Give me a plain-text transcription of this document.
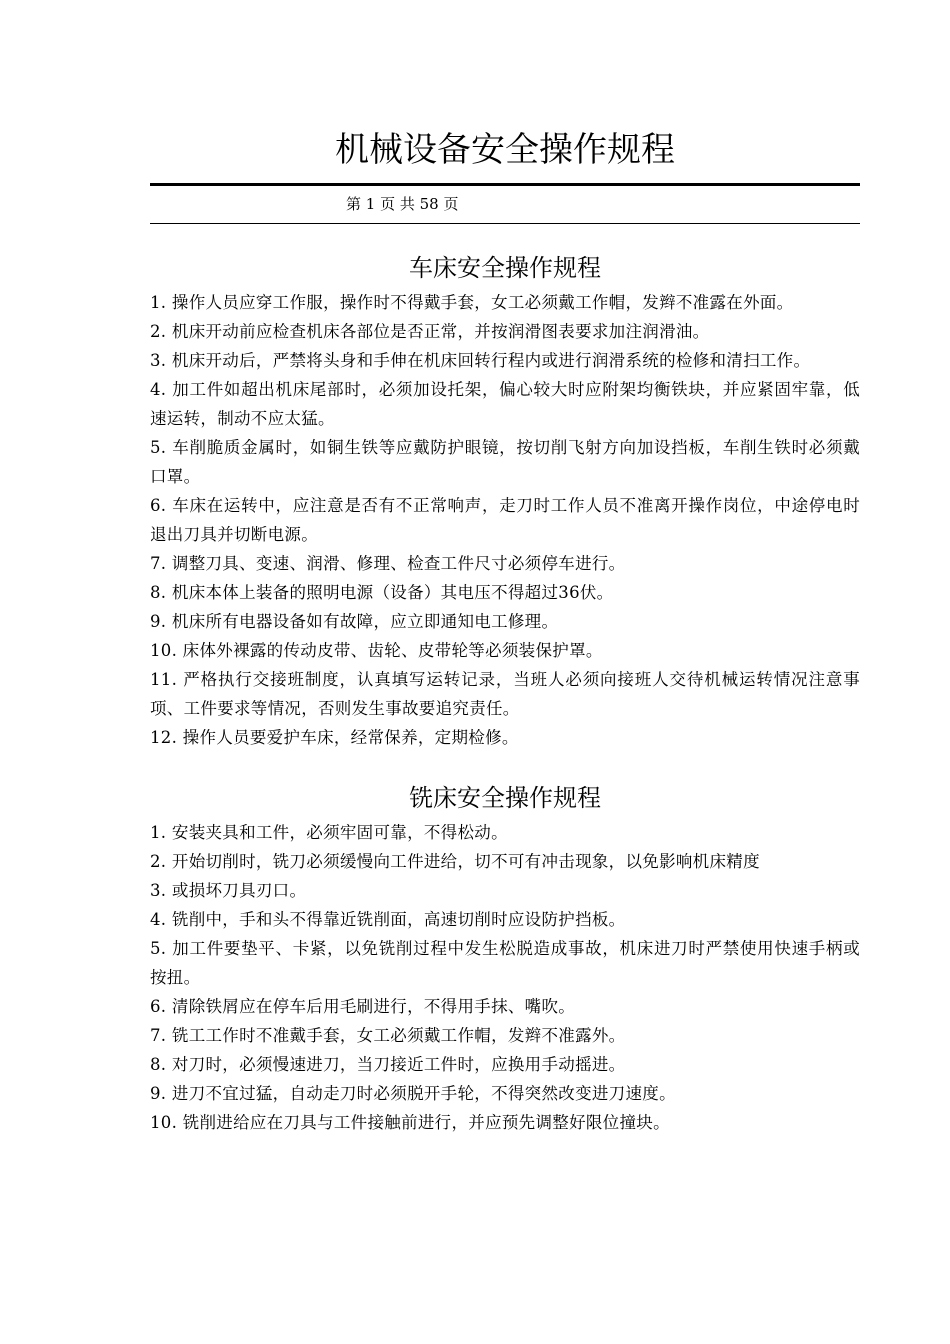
机械设备安全操作规程
第 1 页 共 58 页
车床安全操作规程
1. 操作人员应穿工作服，操作时不得戴手套，女工必须戴工作帽，发辫不准露在外面。
2. 机床开动前应检查机床各部位是否正常，并按润滑图表要求加注润滑油。
3. 机床开动后，严禁将头身和手伸在机床回转行程内或进行润滑系统的检修和清扫工作。
4. 加工件如超出机床尾部时，必须加设托架，偏心较大时应附架均衡铁块，并应紧固牢靠，低速运转，制动不应太猛。
5. 车削脆质金属时，如铜生铁等应戴防护眼镜，按切削飞射方向加设挡板，车削生铁时必须戴口罩。
6. 车床在运转中，应注意是否有不正常响声，走刀时工作人员不准离开操作岗位，中途停电时退出刀具并切断电源。
7. 调整刀具、变速、润滑、修理、检查工件尺寸必须停车进行。
8. 机床本体上装备的照明电源（设备）其电压不得超过36伏。
9. 机床所有电器设备如有故障，应立即通知电工修理。
10. 床体外裸露的传动皮带、齿轮、皮带轮等必须装保护罩。
11. 严格执行交接班制度，认真填写运转记录，当班人必须向接班人交待机械运转情况注意事项、工件要求等情况，否则发生事故要追究责任。
12. 操作人员要爱护车床，经常保养，定期检修。
铣床安全操作规程
1. 安装夹具和工件，必须牢固可靠，不得松动。
2. 开始切削时，铣刀必须缓慢向工件进给，切不可有冲击现象，以免影响机床精度
3. 或损坏刀具刃口。
4. 铣削中，手和头不得靠近铣削面，高速切削时应设防护挡板。
5. 加工件要垫平、卡紧，以免铣削过程中发生松脱造成事故，机床进刀时严禁使用快速手柄或按扭。
6. 清除铁屑应在停车后用毛刷进行，不得用手抹、嘴吹。
7. 铣工工作时不准戴手套，女工必须戴工作帽，发辫不准露外。
8. 对刀时，必须慢速进刀，当刀接近工件时，应换用手动摇进。
9. 进刀不宜过猛，自动走刀时必须脱开手轮，不得突然改变进刀速度。
10. 铣削进给应在刀具与工件接触前进行，并应预先调整好限位撞块。
